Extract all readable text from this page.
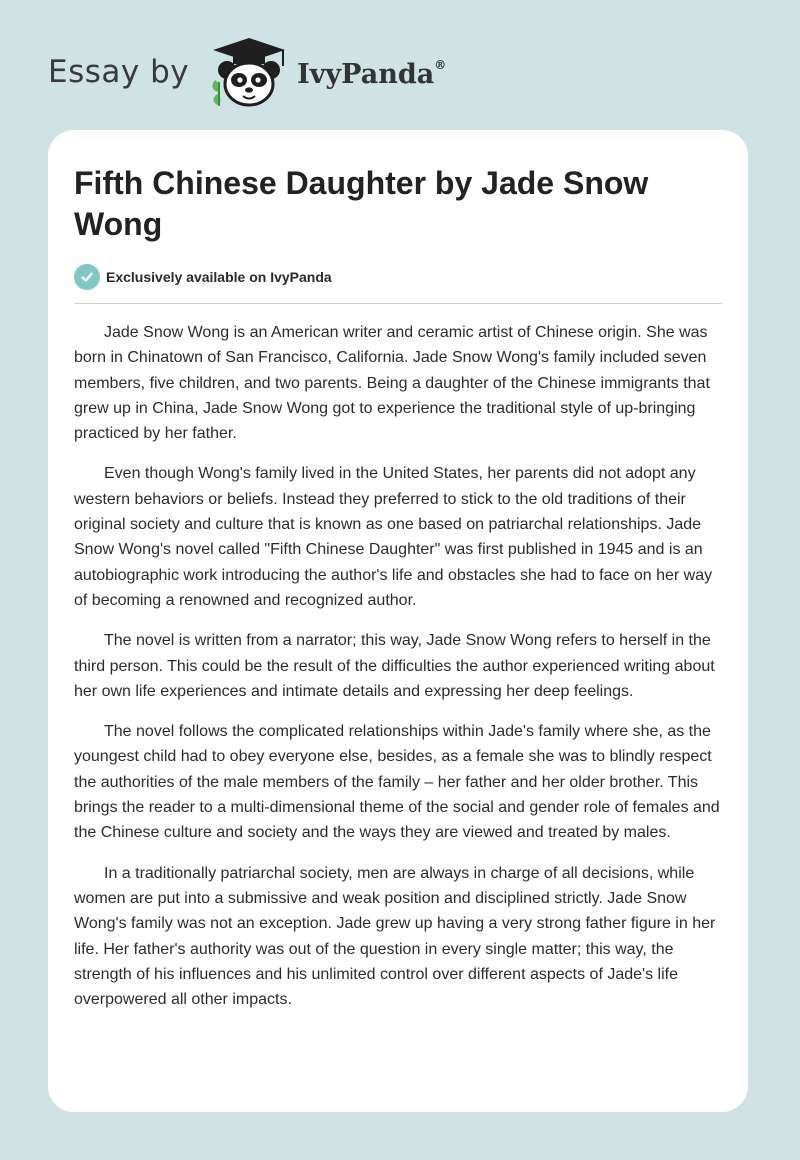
Essay by	IvyPanda®
Fifth Chinese Daughter by Jade Snow Wong
Exclusively available on IvyPanda

Jade Snow Wong is an American writer and ceramic artist of Chinese origin. She was born in Chinatown of San Francisco, California. Jade Snow Wong's family included seven members, five children, and two parents. Being a daughter of the Chinese immigrants that grew up in China, Jade Snow Wong got to experience the traditional style of up-bringing practiced by her father.

Even though Wong's family lived in the United States, her parents did not adopt any western behaviors or beliefs. Instead they preferred to stick to the old traditions of their original society and culture that is known as one based on patriarchal relationships. Jade Snow Wong's novel called "Fifth Chinese Daughter" was first published in 1945 and is an autobiographic work introducing the author's life and obstacles she had to face on her way of becoming a renowned and recognized author.

The novel is written from a narrator; this way, Jade Snow Wong refers to herself in the third person. This could be the result of the difficulties the author experienced writing about her own life experiences and intimate details and expressing her deep feelings.

The novel follows the complicated relationships within Jade's family where she, as the youngest child had to obey everyone else, besides, as a female she was to blindly respect the authorities of the male members of the family – her father and her older brother. This brings the reader to a multi-dimensional theme of the social and gender role of females and the Chinese culture and society and the ways they are viewed and treated by males.

In a traditionally patriarchal society, men are always in charge of all decisions, while women are put into a submissive and weak position and disciplined strictly. Jade Snow Wong's family was not an exception. Jade grew up having a very strong father figure in her life. Her father's authority was out of the question in every single matter; this way, the strength of his influences and his unlimited control over different aspects of Jade's life overpowered all other impacts.
